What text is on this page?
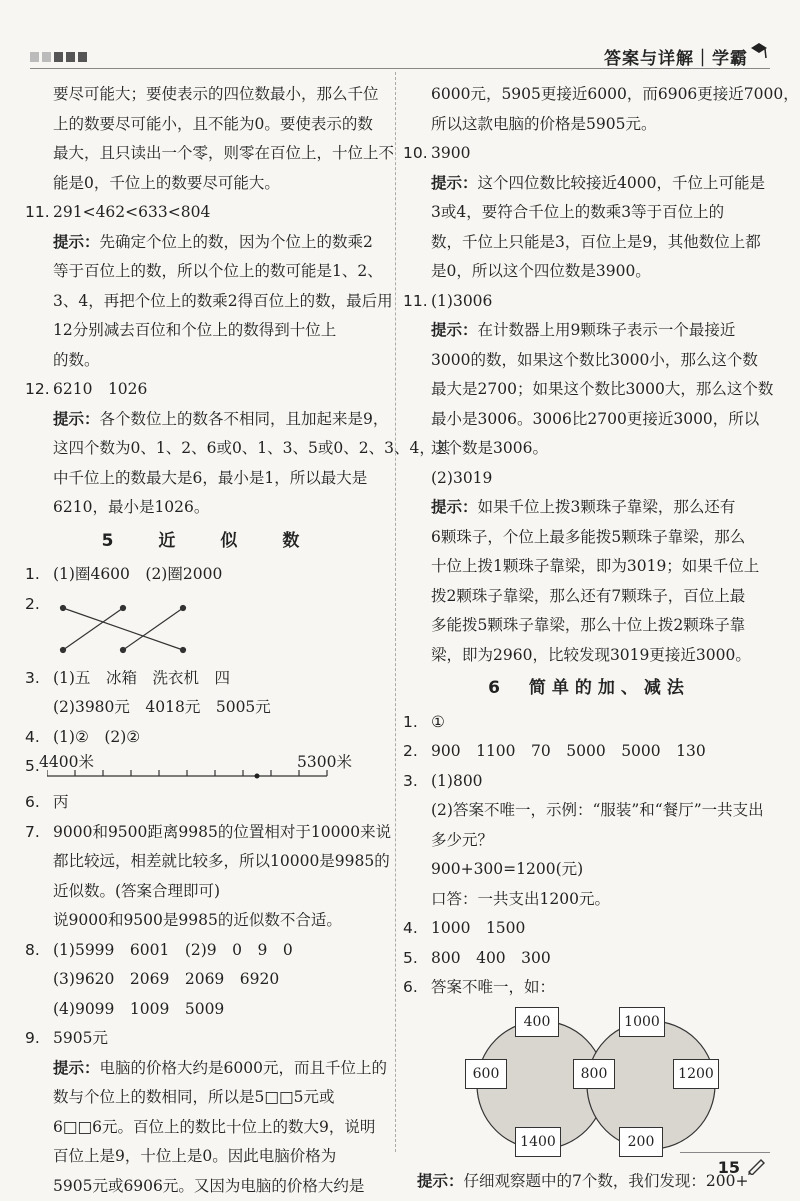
答案与详解｜学霸
要尽可能大；要使表示的四位数最小，那么千位
上的数要尽可能小，且不能为0。要使表示的数
最大，且只读出一个零，则零在百位上，十位上不
能是0，千位上的数要尽可能大。
11. 291<462<633<804
提示：先确定个位上的数，因为个位上的数乘2
等于百位上的数，所以个位上的数可能是1、2、
3、4，再把个位上的数乘2得百位上的数，最后用
12分别减去百位和个位上的数得到十位上
的数。
12. 6210　1026
提示：各个数位上的数各不相同，且加起来是9，
这四个数为0、1、2、6或0、1、3、5或0、2、3、4，其
中千位上的数最大是6，最小是1，所以最大是
6210，最小是1026。
5　近　似　数
1. (1)圈4600　(2)圈2000
2.
3. (1)五　冰箱　洗衣机　四
(2)3980元　4018元　5005元
4. (1)②　(2)②
5. 4400米	5300米
6. 丙
7. 9000和9500距离9985的位置相对于10000来说
都比较远，相差就比较多，所以10000是9985的
近似数。(答案合理即可)
说9000和9500是9985的近似数不合适。
8. (1)5999　6001　(2)9　0　9　0
(3)9620　2069　2069　6920
(4)9099　1009　5009
9. 5905元
提示：电脑的价格大约是6000元，而且千位上的
数与个位上的数相同，所以是5□□5元或
6□□6元。百位上的数比十位上的数大9，说明
百位上是9，十位上是0。因此电脑价格为
5905元或6906元。又因为电脑的价格大约是
6000元，5905更接近6000，而6906更接近7000，
所以这款电脑的价格是5905元。
10. 3900
提示：这个四位数比较接近4000，千位上可能是
3或4，要符合千位上的数乘3等于百位上的
数，千位上只能是3，百位上是9，其他数位上都
是0，所以这个四位数是3900。
11. (1)3006
提示：在计数器上用9颗珠子表示一个最接近
3000的数，如果这个数比3000小，那么这个数
最大是2700；如果这个数比3000大，那么这个数
最小是3006。3006比2700更接近3000，所以
这个数是3006。
(2)3019
提示：如果千位上拨3颗珠子靠梁，那么还有
6颗珠子，个位上最多能拨5颗珠子靠梁，那么
十位上拨1颗珠子靠梁，即为3019；如果千位上
拨2颗珠子靠梁，那么还有7颗珠子，百位上最
多能拨5颗珠子靠梁，那么十位上拨2颗珠子靠
梁，即为2960，比较发现3019更接近3000。
6　简单的加、减法
1. ①
2. 900　1100　70　5000　5000　130
3. (1)800
(2)答案不唯一，示例：“服装”和“餐厅”一共支出
多少元？
900+300=1200(元)
口答：一共支出1200元。
4. 1000　1500
5. 800　400　300
6. 答案不唯一，如：
400	1000
600	800	1200
1400	200
提示：仔细观察题中的7个数，我们发现：200+
15
